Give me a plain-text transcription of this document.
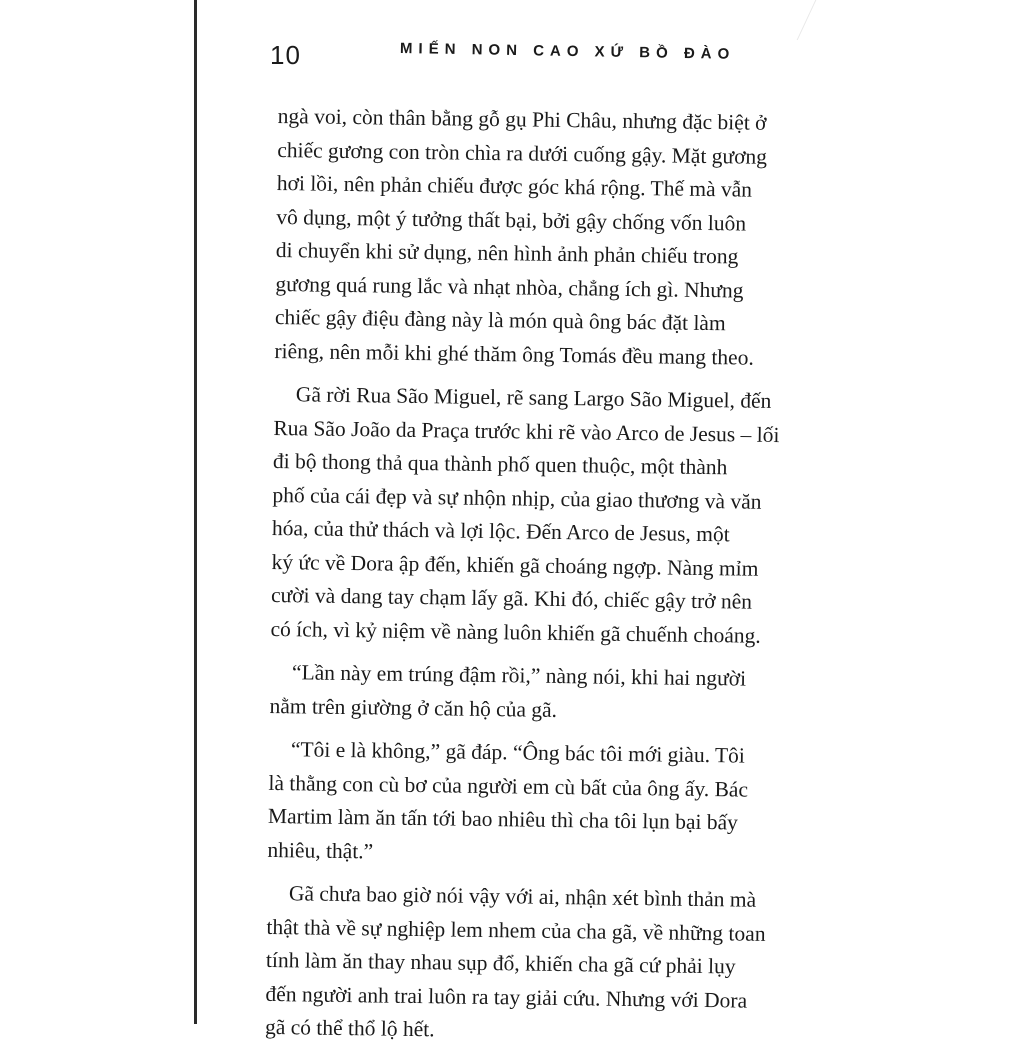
10	MIẾN NON CAO XỨ BỒ ĐÀO

ngà voi, còn thân bằng gỗ gụ Phi Châu, nhưng đặc biệt ở
chiếc gương con tròn chìa ra dưới cuống gậy. Mặt gương
hơi lồi, nên phản chiếu được góc khá rộng. Thế mà vẫn
vô dụng, một ý tưởng thất bại, bởi gậy chống vốn luôn
di chuyển khi sử dụng, nên hình ảnh phản chiếu trong
gương quá rung lắc và nhạt nhòa, chẳng ích gì. Nhưng
chiếc gậy điệu đàng này là món quà ông bác đặt làm
riêng, nên mỗi khi ghé thăm ông Tomás đều mang theo.

Gã rời Rua São Miguel, rẽ sang Largo São Miguel, đến
Rua São João da Praça trước khi rẽ vào Arco de Jesus – lối
đi bộ thong thả qua thành phố quen thuộc, một thành
phố của cái đẹp và sự nhộn nhịp, của giao thương và văn
hóa, của thử thách và lợi lộc. Đến Arco de Jesus, một
ký ức về Dora ập đến, khiến gã choáng ngợp. Nàng mỉm
cười và dang tay chạm lấy gã. Khi đó, chiếc gậy trở nên
có ích, vì kỷ niệm về nàng luôn khiến gã chuếnh choáng.

“Lần này em trúng đậm rồi,” nàng nói, khi hai người
nằm trên giường ở căn hộ của gã.

“Tôi e là không,” gã đáp. “Ông bác tôi mới giàu. Tôi
là thằng con cù bơ của người em cù bất của ông ấy. Bác
Martim làm ăn tấn tới bao nhiêu thì cha tôi lụn bại bấy
nhiêu, thật.”

Gã chưa bao giờ nói vậy với ai, nhận xét bình thản mà
thật thà về sự nghiệp lem nhem của cha gã, về những toan
tính làm ăn thay nhau sụp đổ, khiến cha gã cứ phải lụy
đến người anh trai luôn ra tay giải cứu. Nhưng với Dora
gã có thể thổ lộ hết.
